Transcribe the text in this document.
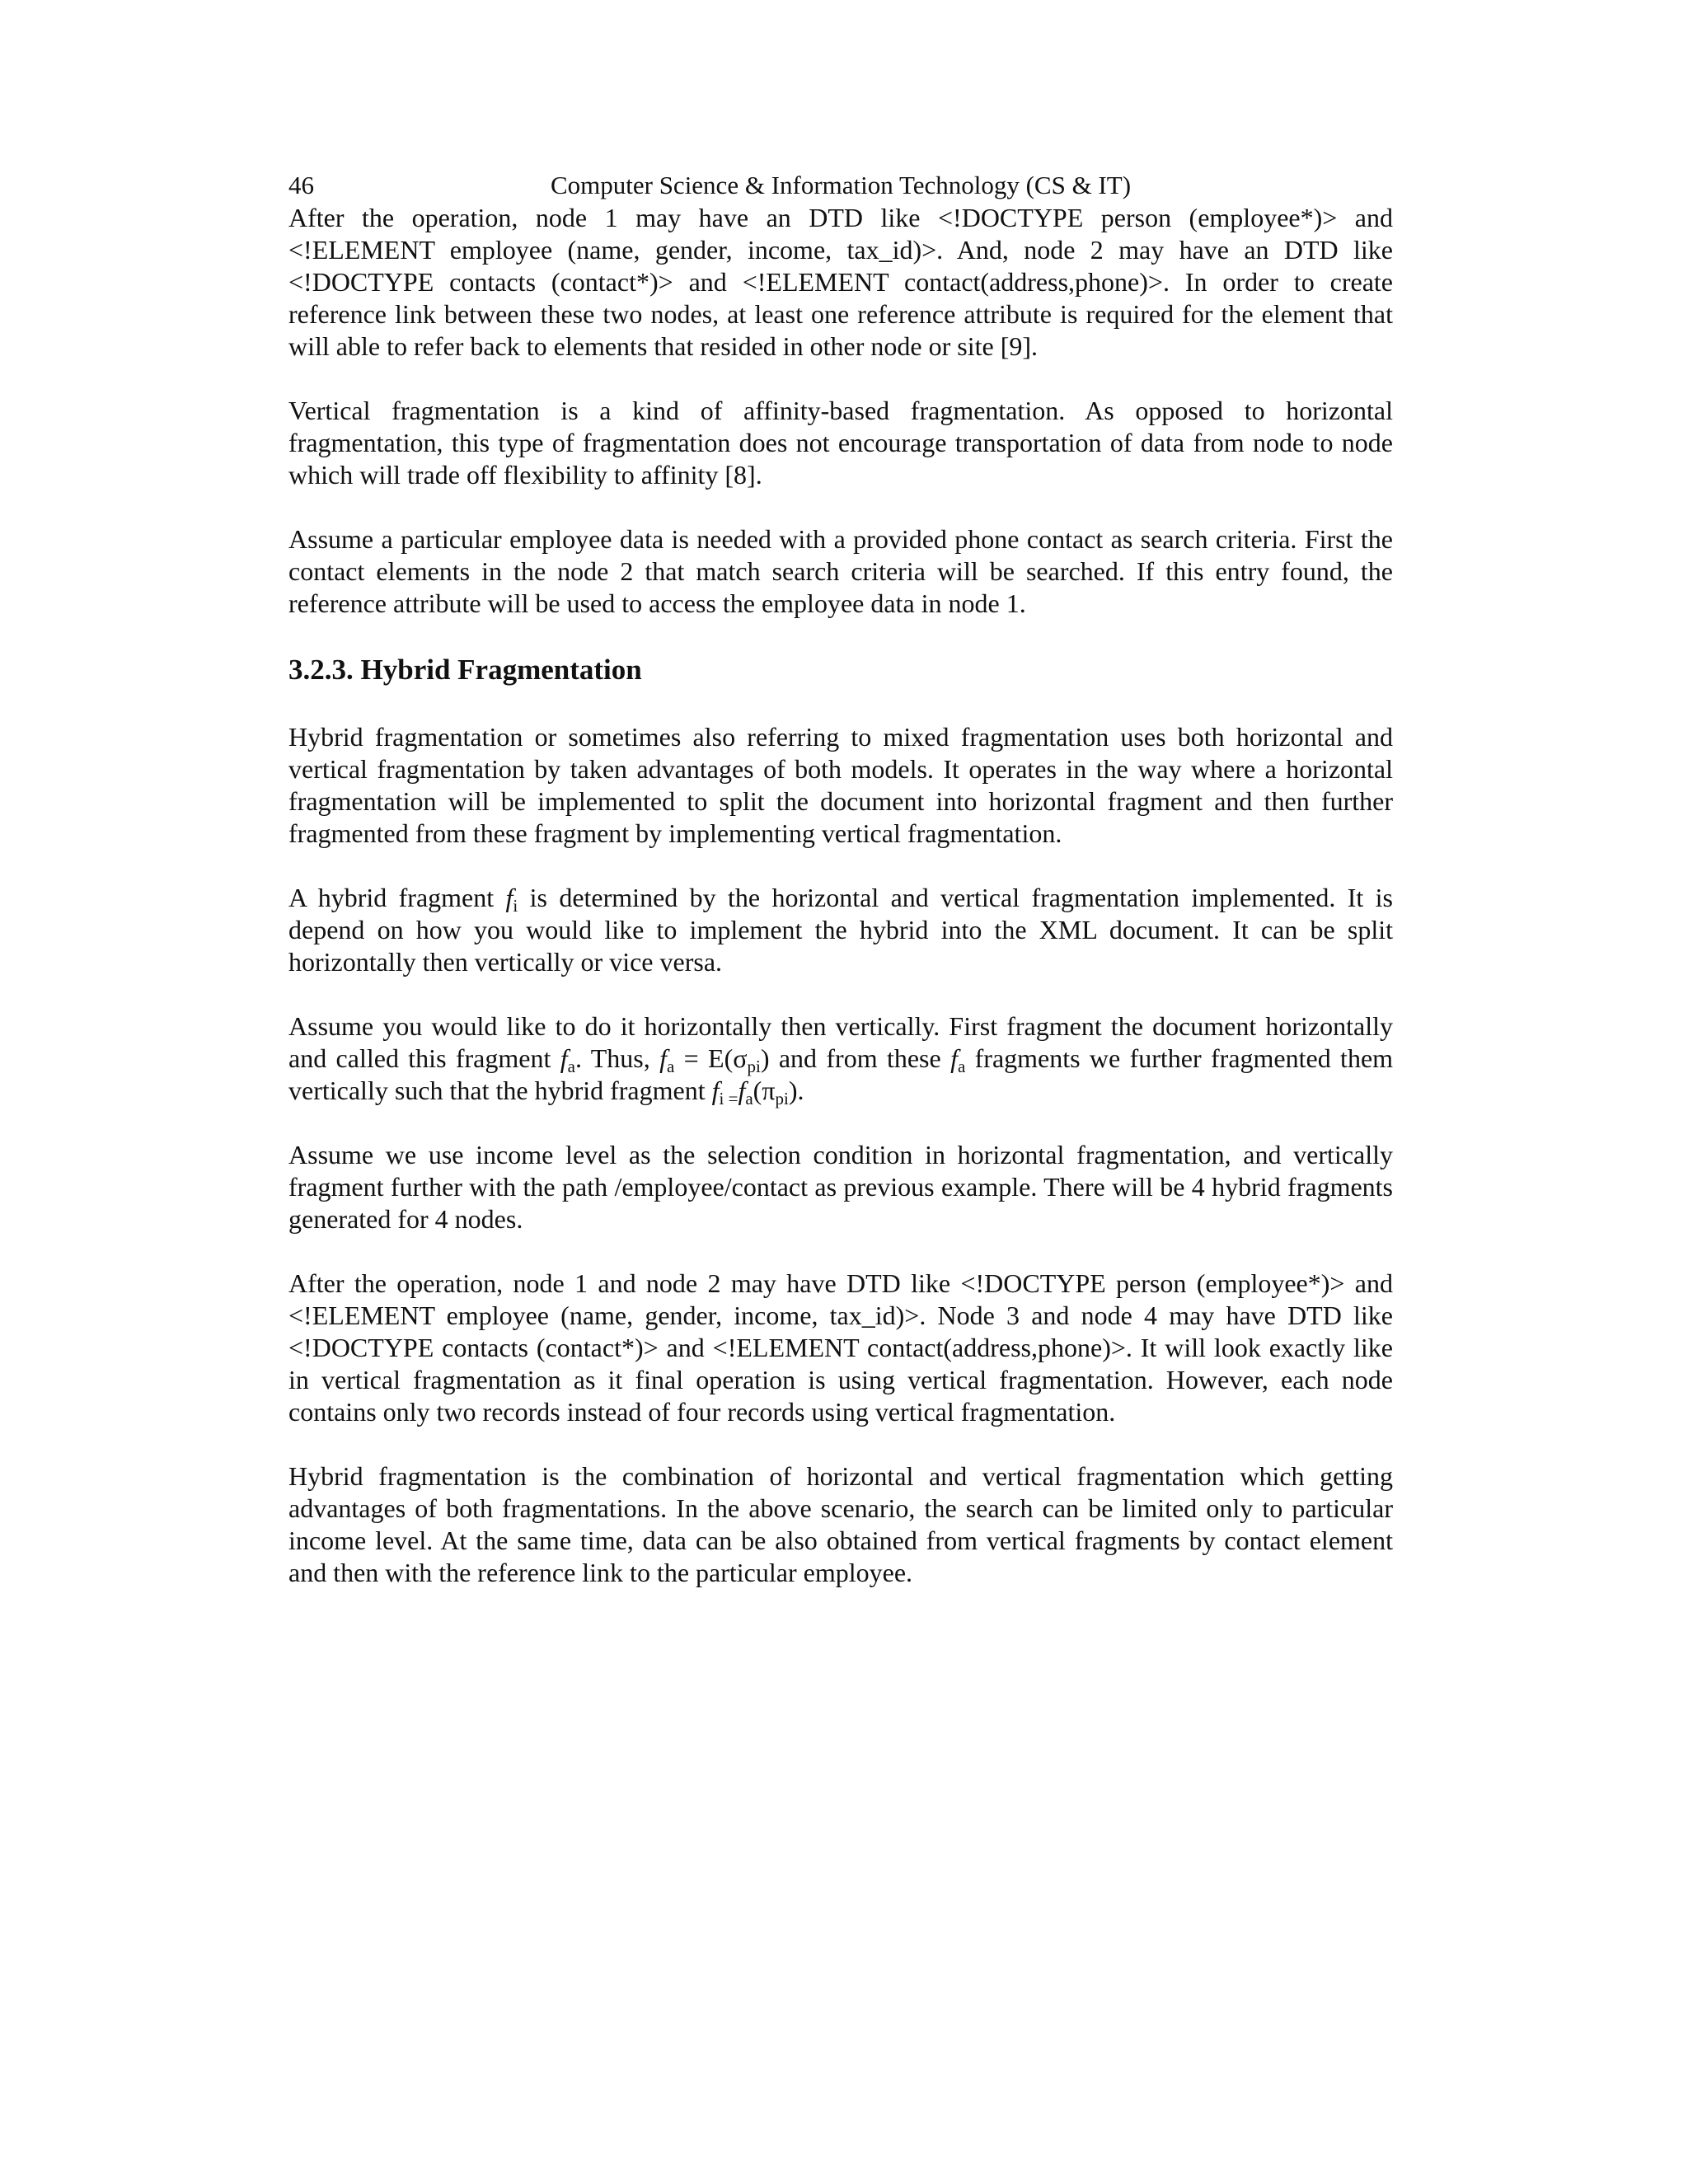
46	Computer Science & Information Technology (CS & IT)

After the operation, node 1 may have an DTD like <!DOCTYPE person (employee*)> and <!ELEMENT employee (name, gender, income, tax_id)>. And, node 2 may have an DTD like <!DOCTYPE contacts (contact*)> and <!ELEMENT contact(address,phone)>. In order to create reference link between these two nodes, at least one reference attribute is required for the element that will able to refer back to elements that resided in other node or site [9].

Vertical fragmentation is a kind of affinity-based fragmentation. As opposed to horizontal fragmentation, this type of fragmentation does not encourage transportation of data from node to node which will trade off flexibility to affinity [8].

Assume a particular employee data is needed with a provided phone contact as search criteria. First the contact elements in the node 2 that match search criteria will be searched. If this entry found, the reference attribute will be used to access the employee data in node 1.

3.2.3. Hybrid Fragmentation

Hybrid fragmentation or sometimes also referring to mixed fragmentation uses both horizontal and vertical fragmentation by taken advantages of both models. It operates in the way where a horizontal fragmentation will be implemented to split the document into horizontal fragment and then further fragmented from these fragment by implementing vertical fragmentation.

A hybrid fragment $f_i$ is determined by the horizontal and vertical fragmentation implemented. It is depend on how you would like to implement the hybrid into the XML document. It can be split horizontally then vertically or vice versa.

Assume you would like to do it horizontally then vertically. First fragment the document horizontally and called this fragment $f_a$. Thus, $f_a = E(\sigma_{pi})$ and from these $f_a$ fragments we further fragmented them vertically such that the hybrid fragment $f_{i =}f_a(\pi_{pi})$.

Assume we use income level as the selection condition in horizontal fragmentation, and vertically fragment further with the path /employee/contact as previous example. There will be 4 hybrid fragments generated for 4 nodes.

After the operation, node 1 and node 2 may have DTD like <!DOCTYPE person (employee*)> and <!ELEMENT employee (name, gender, income, tax_id)>. Node 3 and node 4 may have DTD like <!DOCTYPE contacts (contact*)> and <!ELEMENT contact(address,phone)>. It will look exactly like in vertical fragmentation as it final operation is using vertical fragmentation. However, each node contains only two records instead of four records using vertical fragmentation.

Hybrid fragmentation is the combination of horizontal and vertical fragmentation which getting advantages of both fragmentations. In the above scenario, the search can be limited only to particular income level. At the same time, data can be also obtained from vertical fragments by contact element and then with the reference link to the particular employee.
